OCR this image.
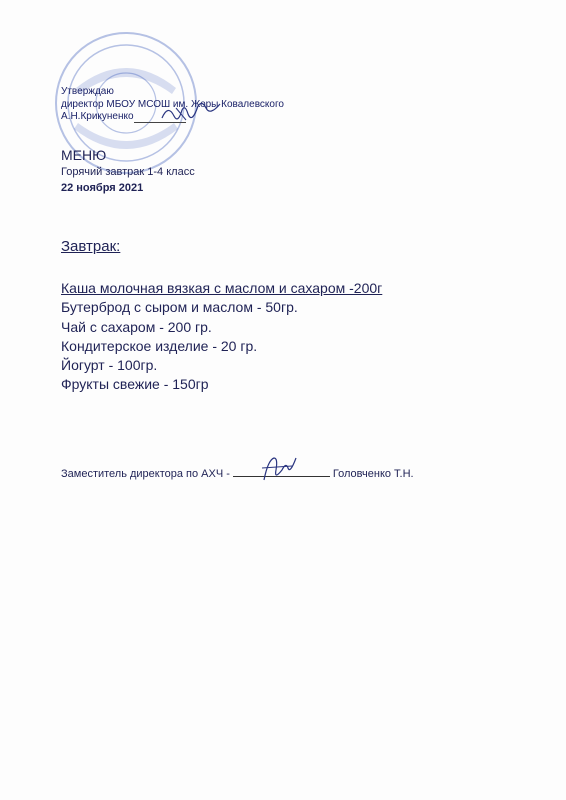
Утверждаю
директор МБОУ МСОШ им. Жоры Ковалевского
А.Н.Крикуненко
МЕНЮ
Горячий завтрак 1-4 класс
22 ноября 2021
Завтрак:
Каша молочная вязкая с маслом и сахаром -200г
Бутерброд с сыром и маслом - 50гр.
Чай с сахаром - 200 гр.
Кондитерское изделие - 20 гр.
Йогурт - 100гр.
Фрукты свежие - 150гр
Заместитель директора по АХЧ -	Головченко Т.Н.
